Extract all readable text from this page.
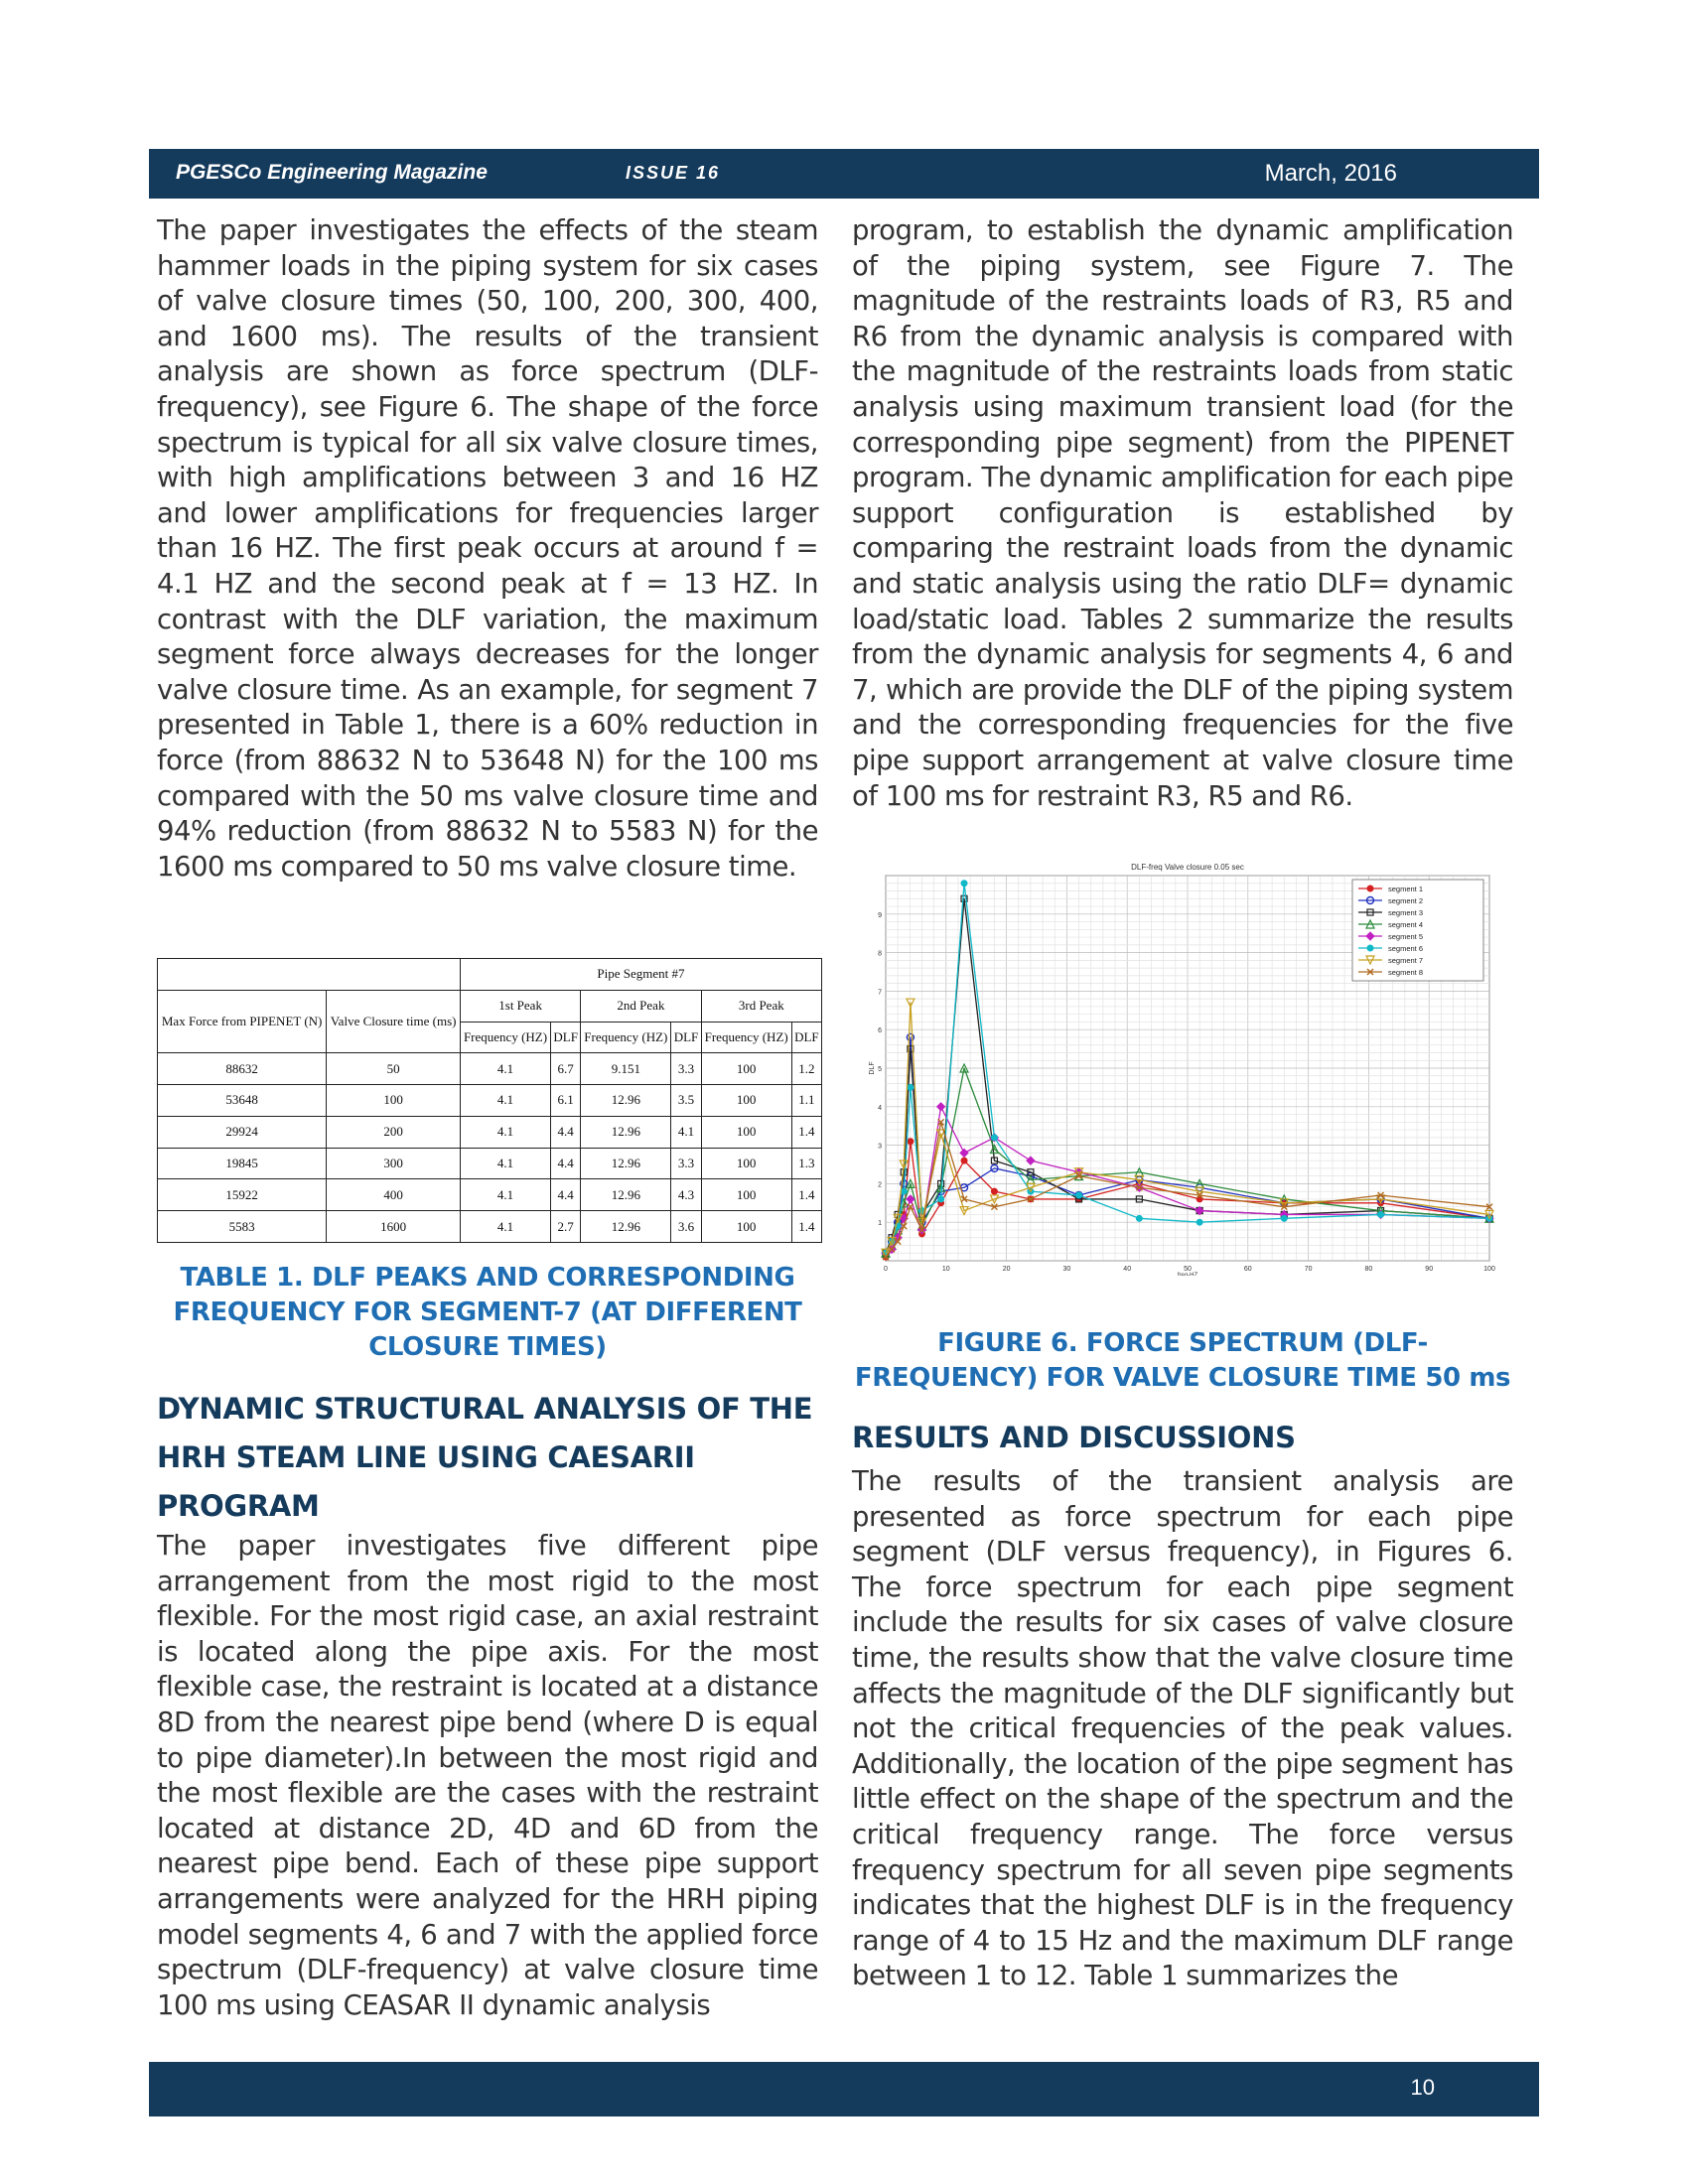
PGESCo Engineering Magazine	ISSUE 16	March, 2016

The paper investigates the effects of the steam hammer loads in the piping system for six cases of valve closure times (50, 100, 200, 300, 400, and 1600 ms). The results of the transient analysis are shown as force spectrum (DLF-frequency), see Figure 6. The shape of the force spectrum is typical for all six valve closure times, with high amplifications between 3 and 16 HZ and lower amplifications for frequencies larger than 16 HZ. The first peak occurs at around f = 4.1 HZ and the second peak at f = 13 HZ. In contrast with the DLF variation, the maximum segment force always decreases for the longer valve closure time. As an example, for segment 7 presented in Table 1, there is a 60% reduction in force (from 88632 N to 53648 N) for the 100 ms compared with the 50 ms valve closure time and 94% reduction (from 88632 N to 5583 N) for the 1600 ms compared to 50 ms valve closure time.

		Pipe Segment #7					
Max Force from PIPENET (N)	Valve Closure time (ms)	1st Peak		2nd Peak		3rd Peak	
		Frequency (HZ)	DLF	Frequency (HZ)	DLF	Frequency (HZ)	DLF
88632	50	4.1	6.7	9.151	3.3	100	1.2
53648	100	4.1	6.1	12.96	3.5	100	1.1
29924	200	4.1	4.4	12.96	4.1	100	1.4
19845	300	4.1	4.4	12.96	3.3	100	1.3
15922	400	4.1	4.4	12.96	4.3	100	1.4
5583	1600	4.1	2.7	12.96	3.6	100	1.4

TABLE 1. DLF PEAKS AND CORRESPONDING FREQUENCY FOR SEGMENT-7 (AT DIFFERENT CLOSURE TIMES)

DYNAMIC STRUCTURAL ANALYSIS OF THE HRH STEAM LINE USING CAESARII PROGRAM

The paper investigates five different pipe arrangement from the most rigid to the most flexible. For the most rigid case, an axial restraint is located along the pipe axis. For the most flexible case, the restraint is located at a distance 8D from the nearest pipe bend (where D is equal to pipe diameter).In between the most rigid and the most flexible are the cases with the restraint located at distance 2D, 4D and 6D from the nearest pipe bend. Each of these pipe support arrangements were analyzed for the HRH piping model segments 4, 6 and 7 with the applied force spectrum (DLF-frequency) at valve closure time 100 ms using CEASAR II dynamic analysis

program, to establish the dynamic amplification of the piping system, see Figure 7. The magnitude of the restraints loads of R3, R5 and R6 from the dynamic analysis is compared with the magnitude of the restraints loads from static analysis using maximum transient load (for the corresponding pipe segment) from the PIPENET program. The dynamic amplification for each pipe support configuration is established by comparing the restraint loads from the dynamic and static analysis using the ratio DLF= dynamic load/static load. Tables 2 summarize the results from the dynamic analysis for segments 4, 6 and 7, which are provide the DLF of the piping system and the corresponding frequencies for the five pipe support arrangement at valve closure time of 100 ms for restraint R3, R5 and R6.

DLF-freq Valve closure 0.05 sec
0	10	20	30	40	50	60	70	80	90	100
freq-HZ
1
2
3
4
5
6
7
8
9
DLF
segment 1
segment 2
segment 3
segment 4
segment 5
segment 6
segment 7
segment 8

FIGURE 6. FORCE SPECTRUM (DLF-FREQUENCY) FOR VALVE CLOSURE TIME 50 ms

RESULTS AND DISCUSSIONS

The results of the transient analysis are presented as force spectrum for each pipe segment (DLF versus frequency), in Figures 6. The force spectrum for each pipe segment include the results for six cases of valve closure time, the results show that the valve closure time affects the magnitude of the DLF significantly but not the critical frequencies of the peak values. Additionally, the location of the pipe segment has little effect on the shape of the spectrum and the critical frequency range. The force versus frequency spectrum for all seven pipe segments indicates that the highest DLF is in the frequency range of 4 to 15 Hz and the maximum DLF range between 1 to 12. Table 1 summarizes the

10
